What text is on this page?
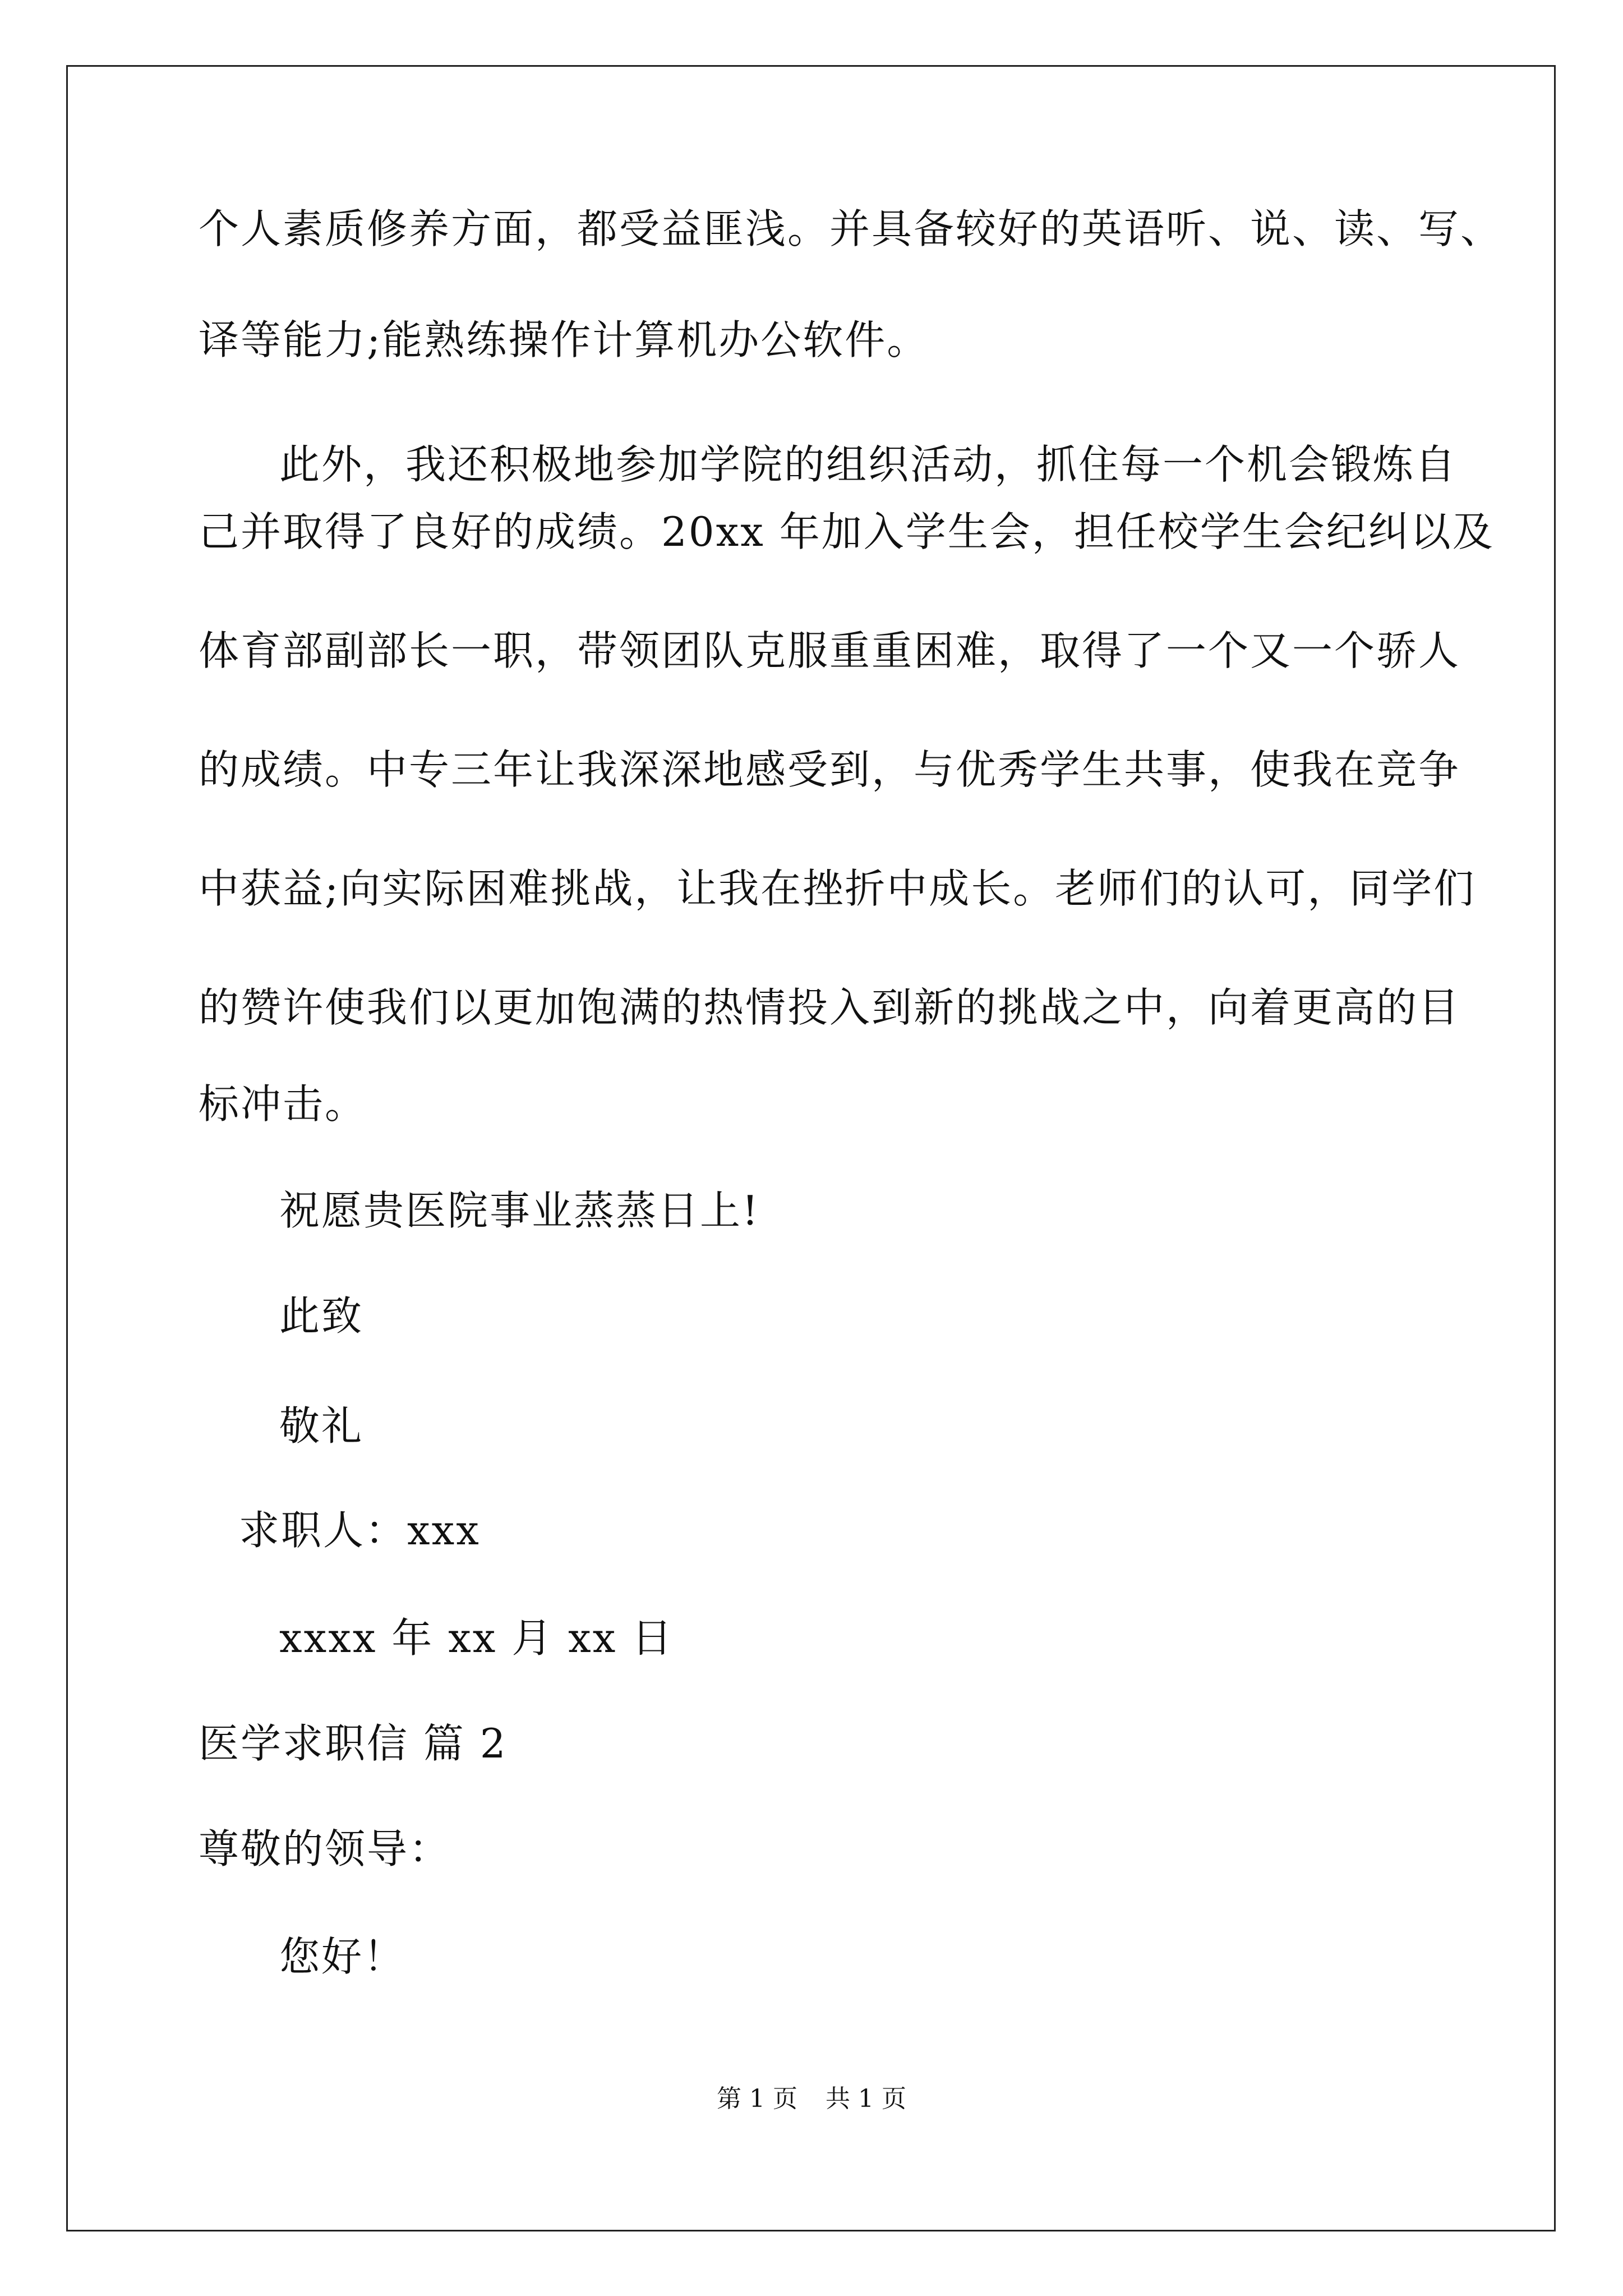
个人素质修养方面，都受益匪浅。并具备较好的英语听、说、读、写、
译等能力;能熟练操作计算机办公软件。
此外，我还积极地参加学院的组织活动，抓住每一个机会锻炼自
己并取得了良好的成绩。20xx 年加入学生会，担任校学生会纪纠以及
体育部副部长一职，带领团队克服重重困难，取得了一个又一个骄人
的成绩。中专三年让我深深地感受到，与优秀学生共事，使我在竞争
中获益;向实际困难挑战，让我在挫折中成长。老师们的认可，同学们
的赞许使我们以更加饱满的热情投入到新的挑战之中，向着更高的目
标冲击。
祝愿贵医院事业蒸蒸日上!
此致
敬礼
求职人：xxx
xxxx 年 xx 月 xx 日
医学求职信 篇 2
尊敬的领导：
您好！
第 1 页 共 1 页
